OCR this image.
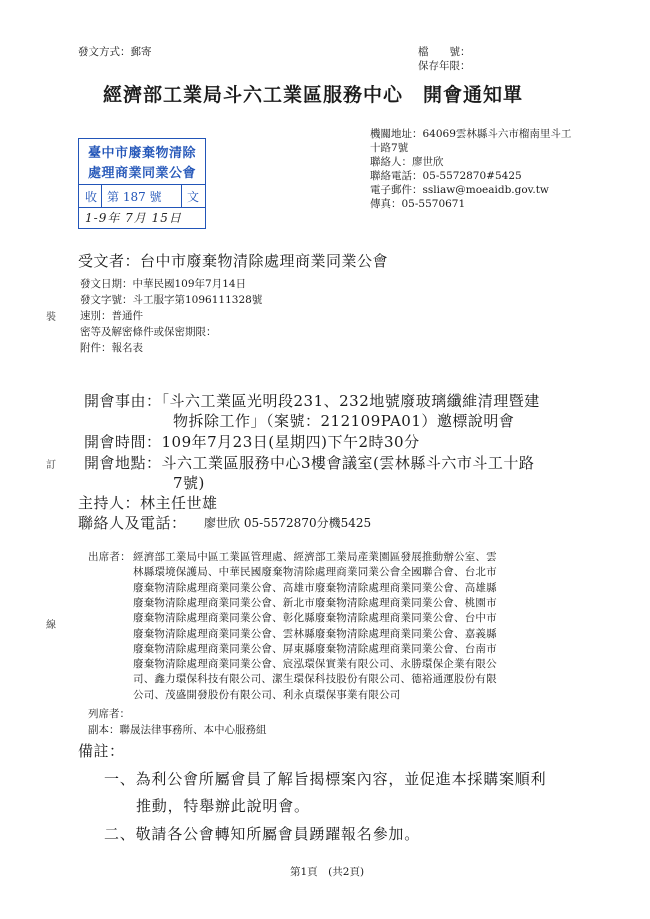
發文方式：郵寄	檔　　號：
保存年限：
經濟部工業局斗六工業區服務中心　開會通知單
臺中市廢棄物清除
處理商業同業公會
收 第 187 號 文
1-9年 7月 15日
機關地址：64069雲林縣斗六市榴南里斗工
十路7號
聯絡人：廖世欣
聯絡電話：05-5572870#5425
電子郵件：ssliaw@moeaidb.gov.tw
傳真：05-5570671
受文者：台中市廢棄物清除處理商業同業公會
發文日期：中華民國109年7月14日
發文字號：斗工服字第1096111328號
速別：普通件
密等及解密條件或保密期限：
附件：報名表
裝
訂
線
開會事由：「斗六工業區光明段231、232地號廢玻璃纖維清理暨建
物拆除工作」（案號：212109PA01）邀標說明會
開會時間：109年7月23日(星期四)下午2時30分
開會地點：斗六工業區服務中心3樓會議室(雲林縣斗六市斗工十路
7號)
主持人：林主任世雄
聯絡人及電話： 廖世欣 05-5572870分機5425
出席者： 經濟部工業局中區工業區管理處、經濟部工業局產業園區發展推動辦公室、雲
林縣環境保護局、中華民國廢棄物清除處理商業同業公會全國聯合會、台北市
廢棄物清除處理商業同業公會、高雄市廢棄物清除處理商業同業公會、高雄縣
廢棄物清除處理商業同業公會、新北市廢棄物清除處理商業同業公會、桃園市
廢棄物清除處理商業同業公會、彰化縣廢棄物清除處理商業同業公會、台中市
廢棄物清除處理商業同業公會、雲林縣廢棄物清除處理商業同業公會、嘉義縣
廢棄物清除處理商業同業公會、屏東縣廢棄物清除處理商業同業公會、台南市
廢棄物清除處理商業同業公會、宸泓環保實業有限公司、永勝環保企業有限公
司、鑫力環保科技有限公司、潔生環保科技股份有限公司、德裕通運股份有限
公司、茂盛開發股份有限公司、利永貞環保事業有限公司
列席者：
副本：聯晟法律事務所、本中心服務組
備註：
一、為利公會所屬會員了解旨揭標案內容，並促進本採購案順利
推動，特舉辦此說明會。
二、敬請各公會轉知所屬會員踴躍報名參加。
第1頁　(共2頁)
